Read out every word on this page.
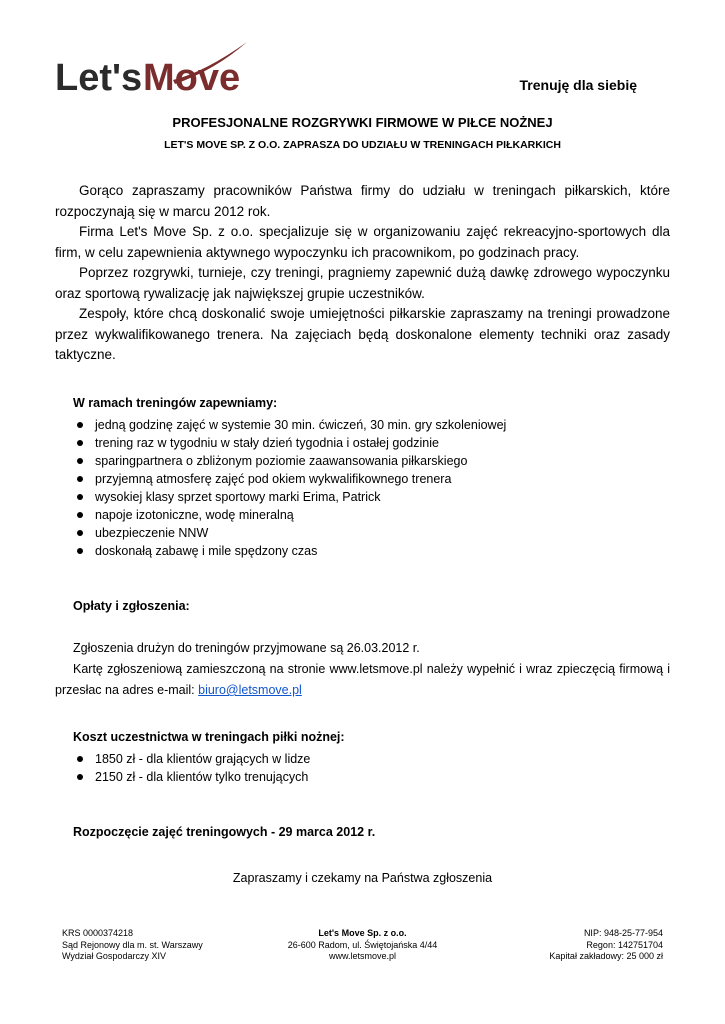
Let's Move	Trenuję dla siebię
PROFESJONALNE ROZGRYWKI FIRMOWE W PIŁCE NOŻNEJ
LET'S MOVE SP. Z O.O. ZAPRASZA DO UDZIAŁU W TRENINGACH PIŁKARKICH

Gorąco zapraszamy pracowników Państwa firmy do udziału w treningach piłkarskich, które rozpoczynają się w marcu 2012 rok.

Firma Let's Move Sp. z o.o. specjalizuje się w organizowaniu zajęć rekreacyjno-sportowych dla firm, w celu zapewnienia aktywnego wypoczynku ich pracownikom, po godzinach pracy.

Poprzez rozgrywki, turnieje, czy treningi, pragniemy zapewnić dużą dawkę zdrowego wypoczynku oraz sportową rywalizację jak największej grupie uczestników.

Zespoły, które chcą doskonalić swoje umiejętności piłkarskie zapraszamy na treningi prowadzone przez wykwalifikowanego trenera. Na zajęciach będą doskonalone elementy techniki oraz zasady taktyczne.

W ramach treningów zapewniamy:
jedną godzinę zajęć w systemie 30 min. ćwiczeń, 30 min. gry szkoleniowej
trening raz w tygodniu w stały dzień tygodnia i ostałej godzinie
sparingpartnera o zbliżonym poziomie zaawansowania piłkarskiego
przyjemną atmosferę zajęć pod okiem wykwalifikownego trenera
wysokiej klasy sprzet sportowy marki Erima, Patrick
napoje izotoniczne, wodę mineralną
ubezpieczenie NNW
doskonałą zabawę i mile spędzony czas
Opłaty i zgłoszenia:

Zgłoszenia drużyn do treningów przyjmowane są 26.03.2012 r.

Kartę zgłoszeniową zamieszczoną na stronie www.letsmove.pl należy wypełnić i wraz zpieczęcią firmową i przesłac na adres e-mail: biuro@letsmove.pl

Koszt uczestnictwa w treningach piłki nożnej:
1850 zł - dla klientów grających w lidze
2150 zł - dla klientów tylko trenujących
Rozpoczęcie zajęć treningowych - 29 marca 2012 r.
Zapraszamy i czekamy na Państwa zgłoszenia
KRS 0000374218
Sąd Rejonowy dla m. st. Warszawy
Wydział Gospodarczy XIV
Let's Move Sp. z o.o.
26-600 Radom, ul. Świętojańska 4/44
www.letsmove.pl
NIP: 948-25-77-954
Regon: 142751704
Kapitał zakładowy: 25 000 zł
